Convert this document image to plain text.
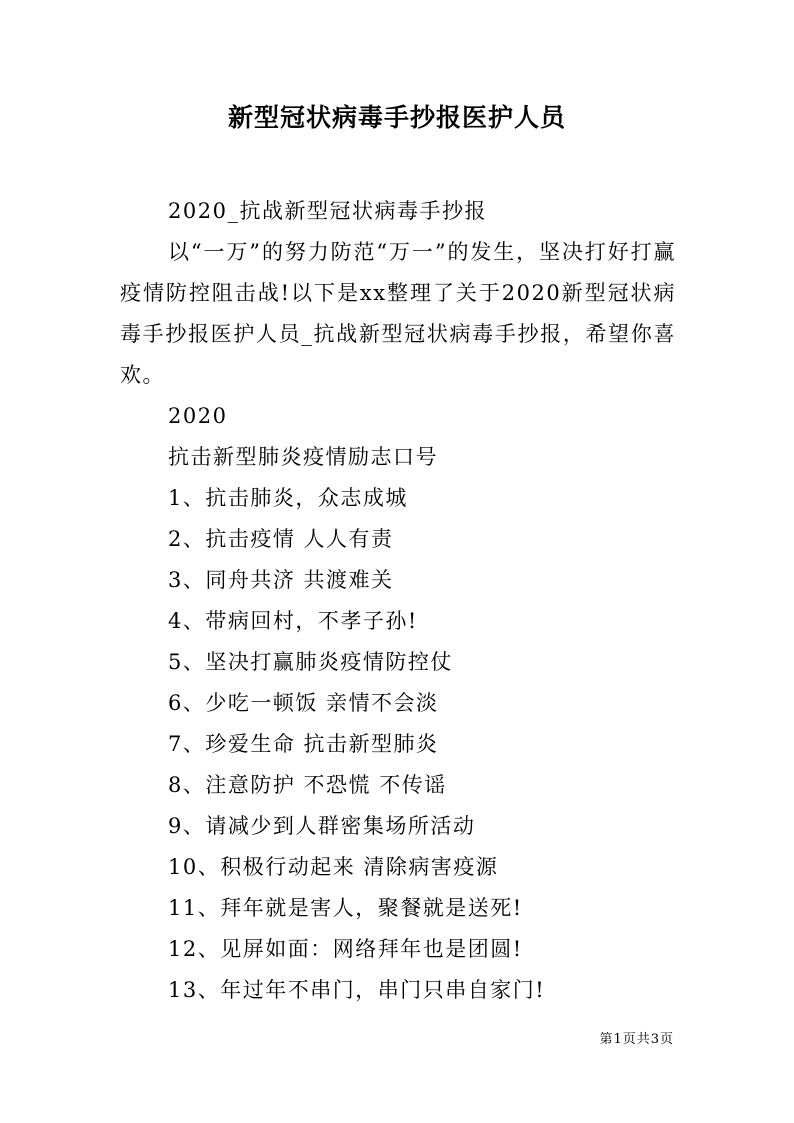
新型冠状病毒手抄报医护人员

2020_抗战新型冠状病毒手抄报

以“一万”的努力防范“万一”的发生，坚决打好打赢疫情防控阻击战!以下是xx整理了关于2020新型冠状病毒手抄报医护人员_抗战新型冠状病毒手抄报，希望你喜欢。

2020

抗击新型肺炎疫情励志口号

1、抗击肺炎，众志成城
2、抗击疫情 人人有责
3、同舟共济 共渡难关
4、带病回村，不孝子孙!
5、坚决打赢肺炎疫情防控仗
6、少吃一顿饭 亲情不会淡
7、珍爱生命 抗击新型肺炎
8、注意防护 不恐慌 不传谣
9、请减少到人群密集场所活动
10、积极行动起来 清除病害疫源
11、拜年就是害人，聚餐就是送死!
12、见屏如面：网络拜年也是团圆!
13、年过年不串门，串门只串自家门!
第1页共3页
